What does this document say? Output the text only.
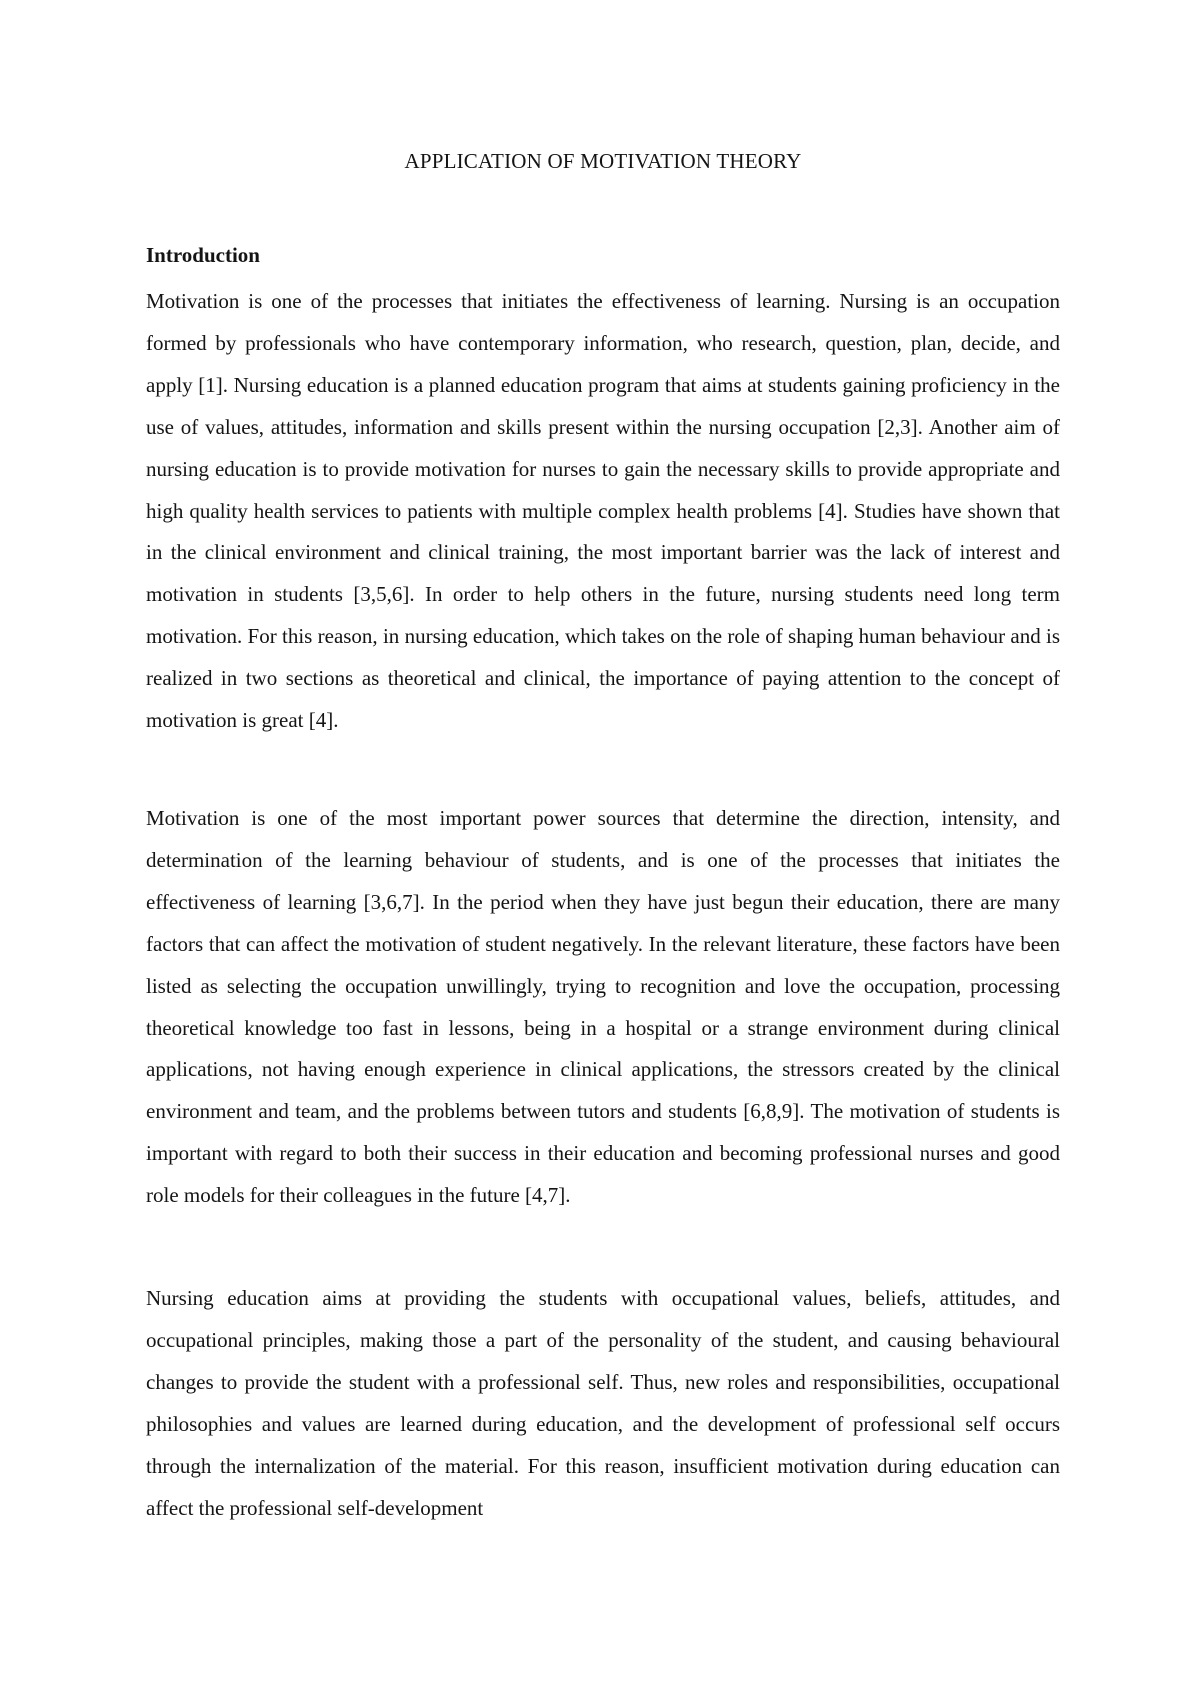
APPLICATION OF MOTIVATION THEORY
Introduction

Motivation is one of the processes that initiates the effectiveness of learning. Nursing is an occupation formed by professionals who have contemporary information, who research, question, plan, decide, and apply [1]. Nursing education is a planned education program that aims at students gaining proficiency in the use of values, attitudes, information and skills present within the nursing occupation [2,3]. Another aim of nursing education is to provide motivation for nurses to gain the necessary skills to provide appropriate and high quality health services to patients with multiple complex health problems [4]. Studies have shown that in the clinical environment and clinical training, the most important barrier was the lack of interest and motivation in students [3,5,6]. In order to help others in the future, nursing students need long term motivation. For this reason, in nursing education, which takes on the role of shaping human behaviour and is realized in two sections as theoretical and clinical, the importance of paying attention to the concept of motivation is great [4].

Motivation is one of the most important power sources that determine the direction, intensity, and determination of the learning behaviour of students, and is one of the processes that initiates the effectiveness of learning [3,6,7]. In the period when they have just begun their education, there are many factors that can affect the motivation of student negatively. In the relevant literature, these factors have been listed as selecting the occupation unwillingly, trying to recognition and love the occupation, processing theoretical knowledge too fast in lessons, being in a hospital or a strange environment during clinical applications, not having enough experience in clinical applications, the stressors created by the clinical environment and team, and the problems between tutors and students [6,8,9]. The motivation of students is important with regard to both their success in their education and becoming professional nurses and good role models for their colleagues in the future [4,7].

Nursing education aims at providing the students with occupational values, beliefs, attitudes, and occupational principles, making those a part of the personality of the student, and causing behavioural changes to provide the student with a professional self. Thus, new roles and responsibilities, occupational philosophies and values are learned during education, and the development of professional self occurs through the internalization of the material. For this reason, insufficient motivation during education can affect the professional self-development
